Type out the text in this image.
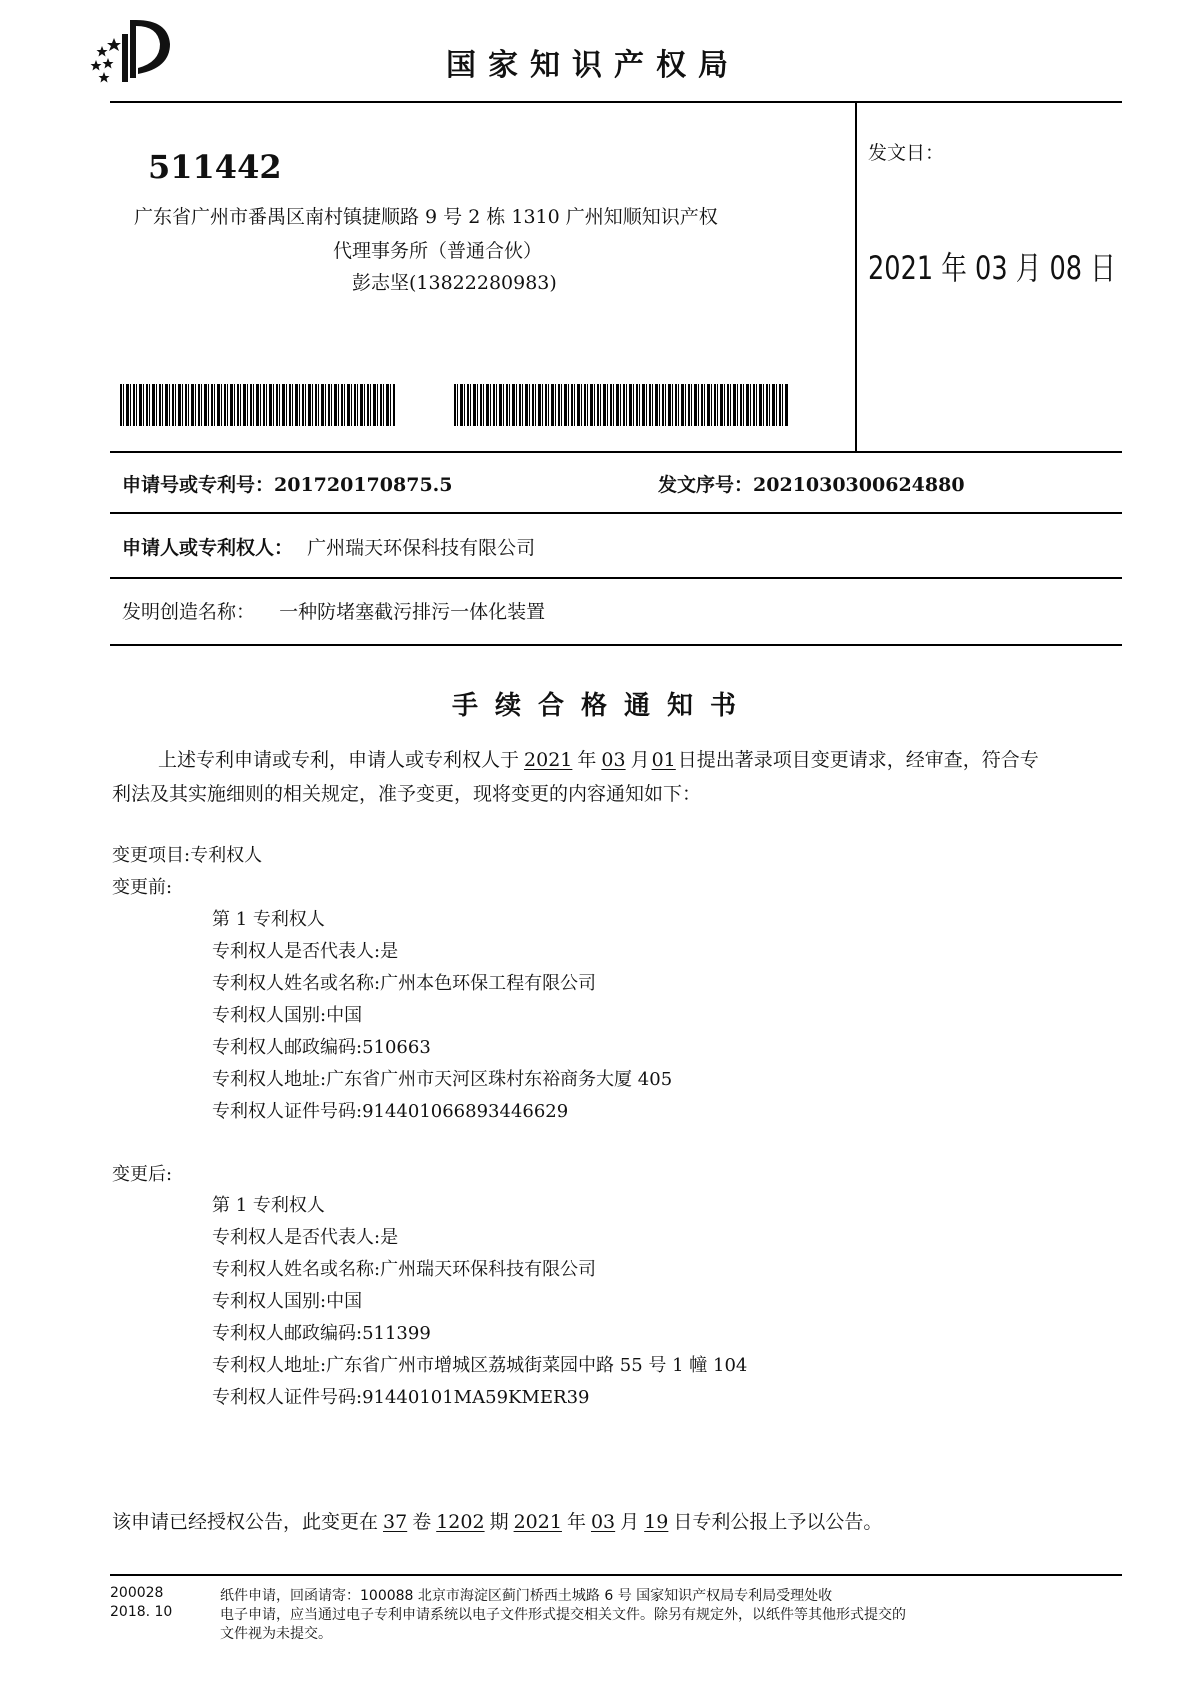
国家知识产权局
511442
广东省广州市番禺区南村镇捷顺路 9 号 2 栋 1310 广州知顺知识产权
代理事务所（普通合伙）
彭志坚(13822280983)
发文日：
2021 年 03 月 08 日
申请号或专利号：201720170875.5	发文序号：2021030300624880
申请人或专利权人： 广州瑞天环保科技有限公司
发明创造名称： 一种防堵塞截污排污一体化装置
手续合格通知书
上述专利申请或专利，申请人或专利权人于 2021 年 03 月 01 日提出著录项目变更请求，经审查，符合专
利法及其实施细则的相关规定，准予变更，现将变更的内容通知如下：
变更项目:专利权人
变更前:
第 1 专利权人
专利权人是否代表人:是
专利权人姓名或名称:广州本色环保工程有限公司
专利权人国别:中国
专利权人邮政编码:510663
专利权人地址:广东省广州市天河区珠村东裕商务大厦 405
专利权人证件号码:914401066893446629
变更后:
第 1 专利权人
专利权人是否代表人:是
专利权人姓名或名称:广州瑞天环保科技有限公司
专利权人国别:中国
专利权人邮政编码:511399
专利权人地址:广东省广州市增城区荔城街菜园中路 55 号 1 幢 104
专利权人证件号码:91440101MA59KMER39
该申请已经授权公告，此变更在 37 卷 1202 期 2021 年 03 月 19 日专利公报上予以公告。
200028
2018. 10
纸件申请，回函请寄：100088 北京市海淀区蓟门桥西土城路 6 号 国家知识产权局专利局受理处收
电子申请，应当通过电子专利申请系统以电子文件形式提交相关文件。除另有规定外，以纸件等其他形式提交的
文件视为未提交。
